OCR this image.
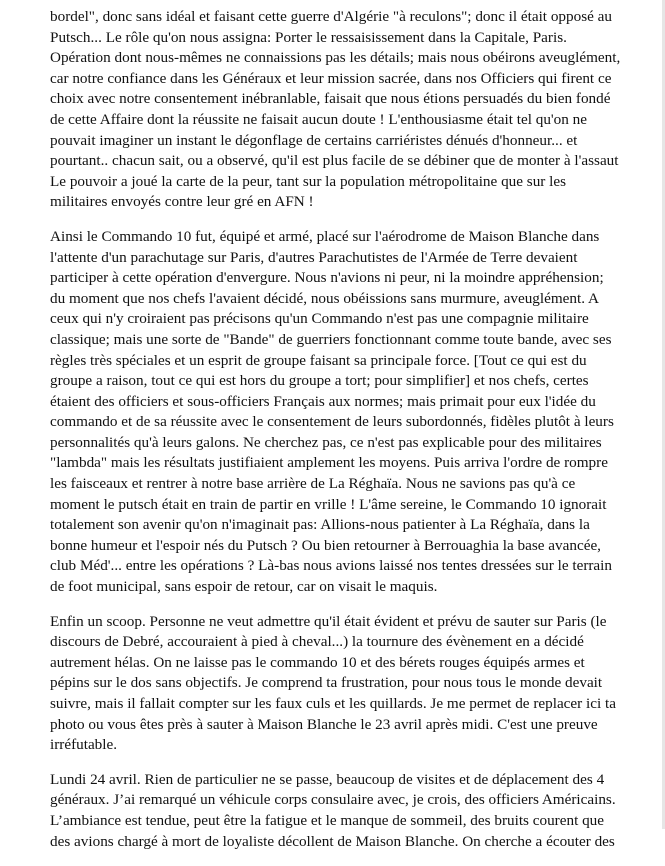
bordel", donc sans idéal et faisant cette guerre d'Algérie "à reculons"; donc il était opposé au
Putsch... Le rôle qu'on nous assigna: Porter le ressaisissement dans la Capitale, Paris.
Opération dont nous-mêmes ne connaissions pas les détails; mais nous obéirons aveuglément,
car notre confiance dans les Généraux et leur mission sacrée, dans nos Officiers qui firent ce
choix avec notre consentement inébranlable, faisait que nous étions persuadés du bien fondé
de cette Affaire dont la réussite ne faisait aucun doute ! L'enthousiasme était tel qu'on ne
pouvait imaginer un instant le dégonflage de certains carriéristes dénués d'honneur... et
pourtant.. chacun sait, ou a observé, qu'il est plus facile de se débiner que de monter à l'assaut
Le pouvoir a joué la carte de la peur, tant sur la population métropolitaine que sur les
militaires envoyés contre leur gré en AFN !

Ainsi le Commando 10 fut, équipé et armé, placé sur l'aérodrome de Maison Blanche dans
l'attente d'un parachutage sur Paris, d'autres Parachutistes de l'Armée de Terre devaient
participer à cette opération d'envergure. Nous n'avions ni peur, ni la moindre appréhension;
du moment que nos chefs l'avaient décidé, nous obéissions sans murmure, aveuglément. A
ceux qui n'y croiraient pas précisons qu'un Commando n'est pas une compagnie militaire
classique; mais une sorte de "Bande" de guerriers fonctionnant comme toute bande, avec ses
règles très spéciales et un esprit de groupe faisant sa principale force. [Tout ce qui est du
groupe a raison, tout ce qui est hors du groupe a tort; pour simplifier] et nos chefs, certes
étaient des officiers et sous-officiers Français aux normes; mais primait pour eux l'idée du
commando et de sa réussite avec le consentement de leurs subordonnés, fidèles plutôt à leurs
personnalités qu'à leurs galons. Ne cherchez pas, ce n'est pas explicable pour des militaires
"lambda" mais les résultats justifiaient amplement les moyens. Puis arriva l'ordre de rompre
les faisceaux et rentrer à notre base arrière de La Réghaïa. Nous ne savions pas qu'à ce
moment le putsch était en train de partir en vrille ! L'âme sereine, le Commando 10 ignorait
totalement son avenir qu'on n'imaginait pas: Allions-nous patienter à La Réghaïa, dans la
bonne humeur et l'espoir nés du Putsch ? Ou bien retourner à Berrouaghia la base avancée,
club Méd'... entre les opérations ? Là-bas nous avions laissé nos tentes dressées sur le terrain
de foot municipal, sans espoir de retour, car on visait le maquis.

Enfin un scoop. Personne ne veut admettre qu'il était évident et prévu de sauter sur Paris (le
discours de Debré, accouraient à pied à cheval...) la tournure des évènement en a décidé
autrement hélas. On ne laisse pas le commando 10 et des bérets rouges équipés armes et
pépins sur le dos sans objectifs. Je comprend ta frustration, pour nous tous le monde devait
suivre, mais il fallait compter sur les faux culs et les quillards. Je me permet de replacer ici ta
photo ou vous êtes près à sauter à Maison Blanche le 23 avril après midi. C'est une preuve
irréfutable.

Lundi 24 avril. Rien de particulier ne se passe, beaucoup de visites et de déplacement des 4
généraux. J’ai remarqué un véhicule corps consulaire avec, je crois, des officiers Américains.
L’ambiance est tendue, peut être la fatigue et le manque de sommeil, des bruits courent que
des avions chargé à mort de loyaliste décollent de Maison Blanche. On cherche a écouter des
